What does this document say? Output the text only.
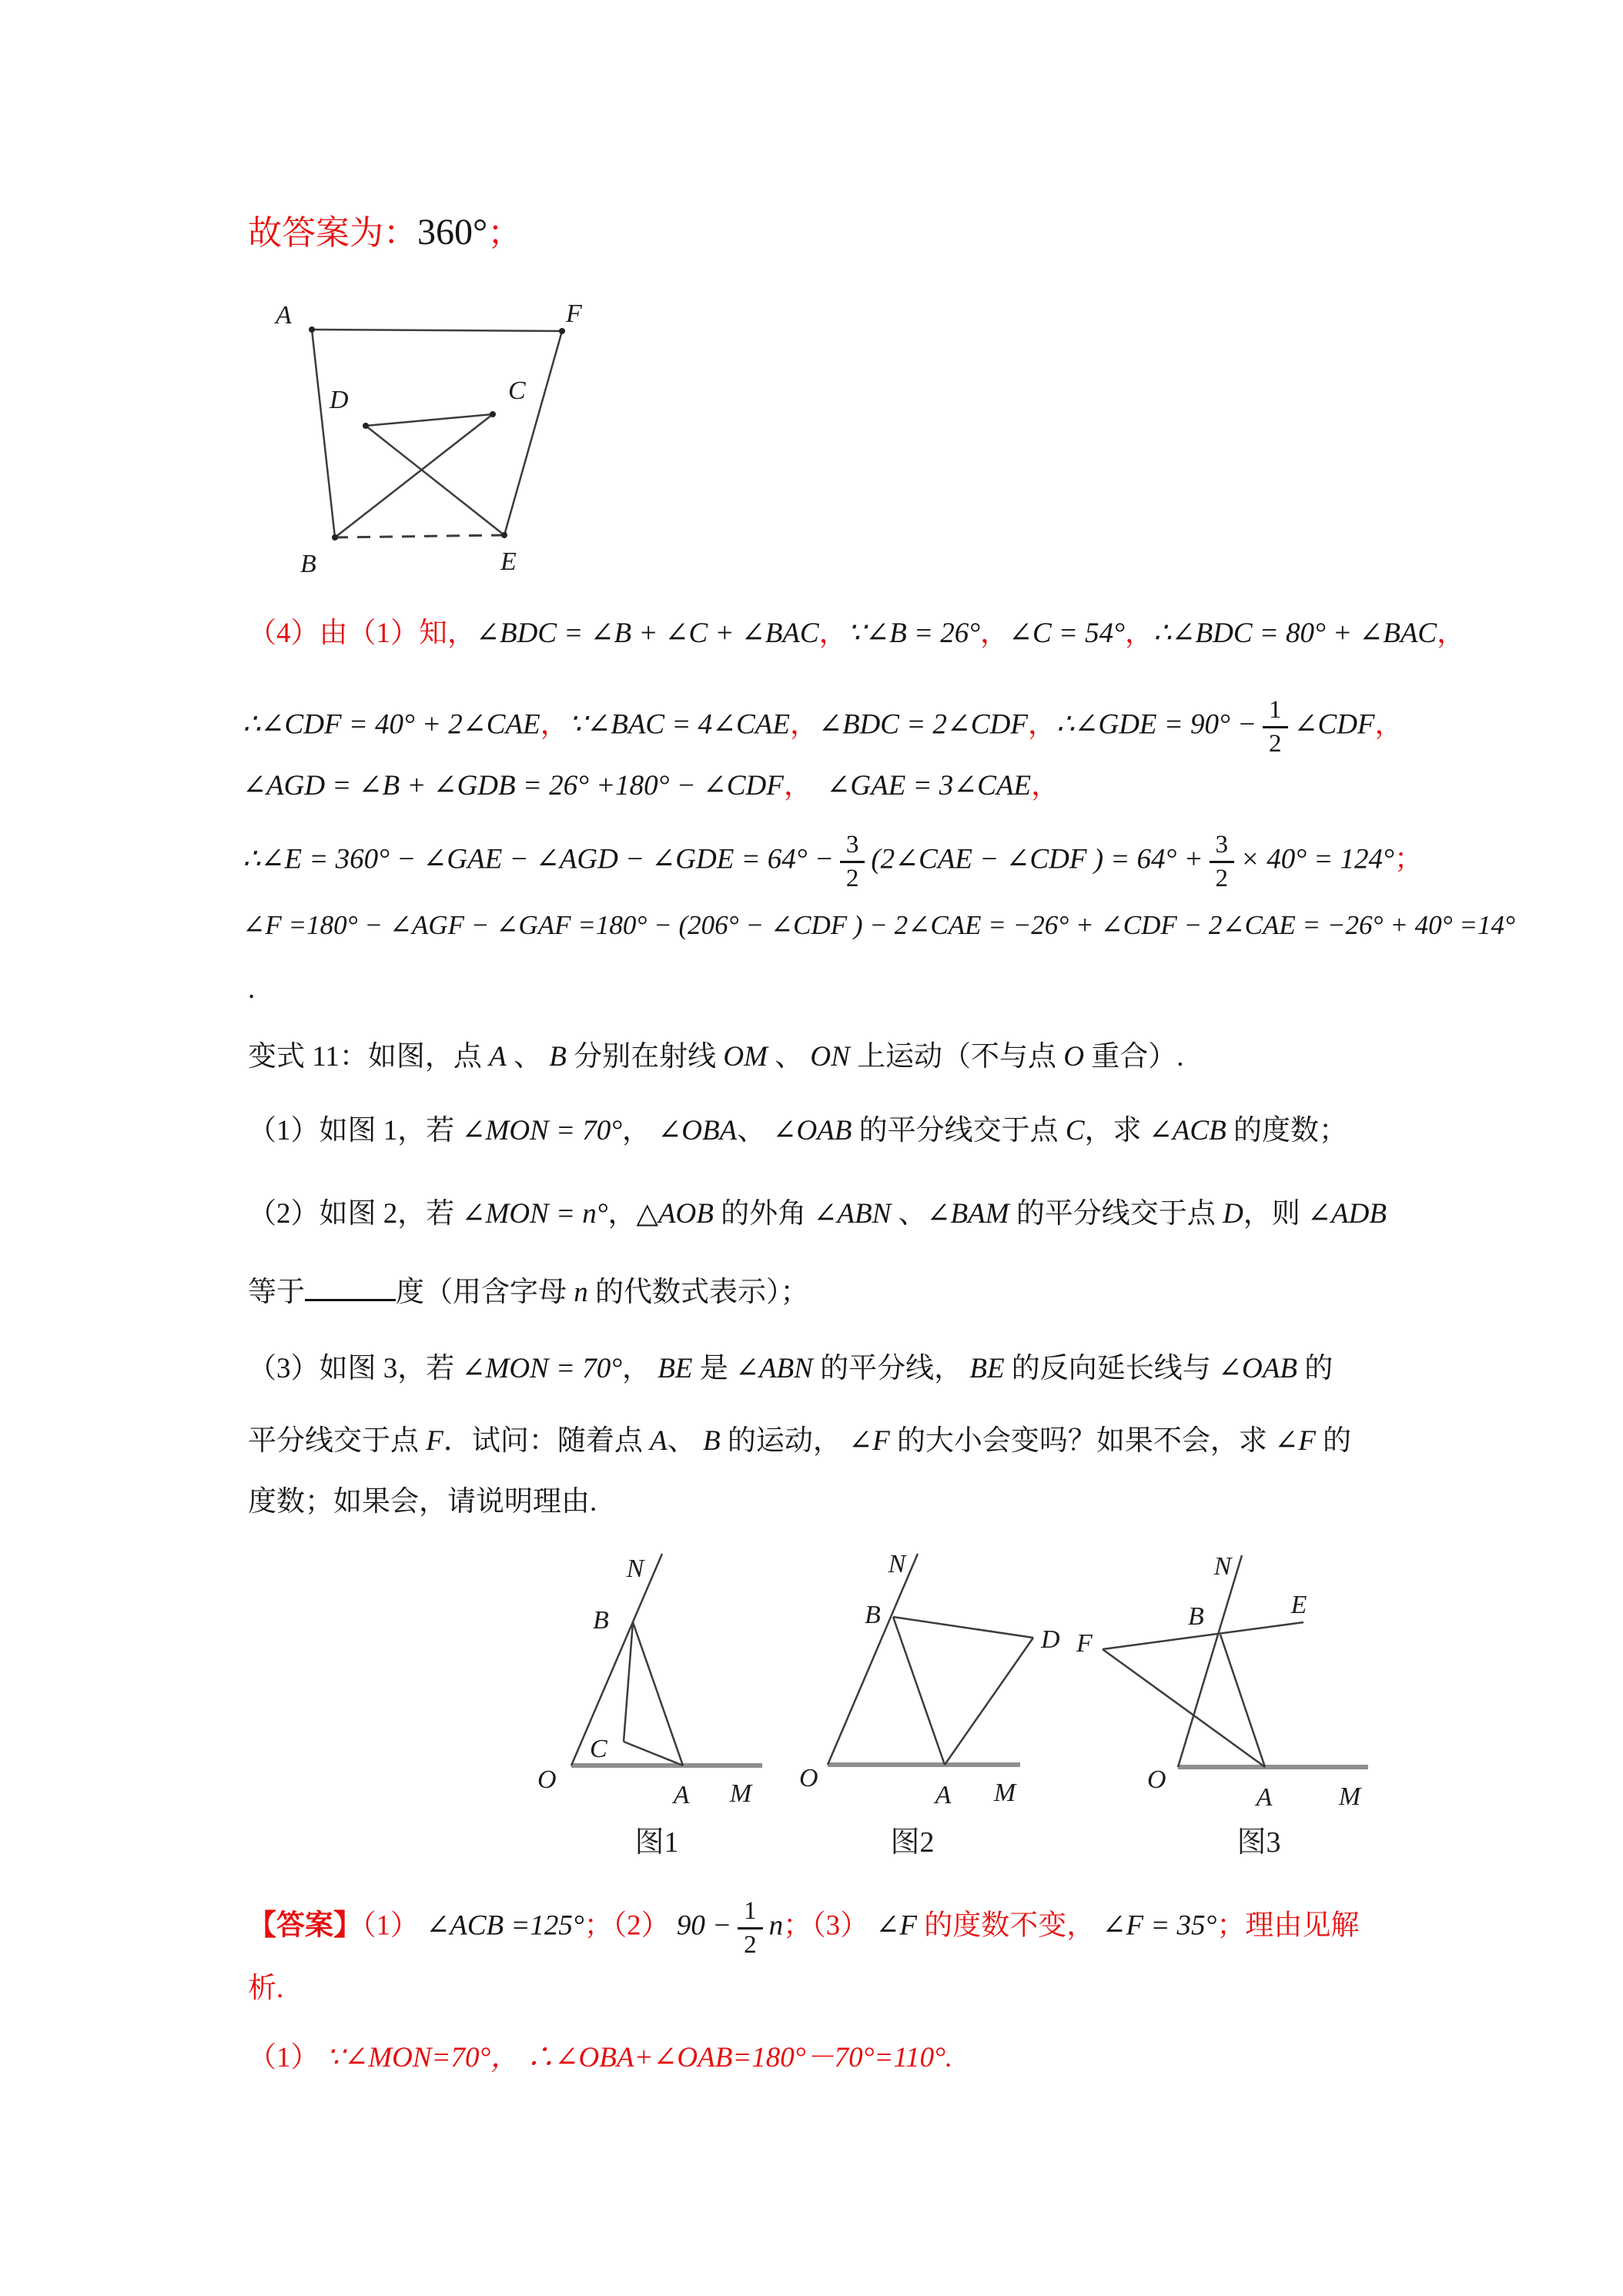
故答案为：360°；
A	F
D	C
B	E
（4）由（1）知，∠BDC = ∠B + ∠C + ∠BAC，∵∠B = 26°，∠C = 54°，∴∠BDC = 80° + ∠BAC，
∴∠CDF = 40° + 2∠CAE，∵∠BAC = 4∠CAE，∠BDC = 2∠CDF，∴∠GDE = $90^\circ - \frac{1}{2}$ ∠CDF，
∠AGD = ∠B + ∠GDB = 26° +180° − ∠CDF，　∠GAE = 3∠CAE，
∴∠E = 360° − ∠GAE − ∠AGD − ∠GDE = $64^\circ - \frac{3}{2}$ (2∠CAE − ∠CDF ) = $64^\circ + \frac{3}{2} \times 40^\circ = 124^\circ$；
∠F =180° − ∠AGF − ∠GAF =180° − (206° − ∠CDF ) − 2∠CAE = −26° + ∠CDF − 2∠CAE = −26° + 40° =14°
.
变式 11：如图，点 A 、 B 分别在射线 OM 、 ON 上运动（不与点 O 重合）.
（1）如图 1，若 ∠MON = 70°， ∠OBA、 ∠OAB 的平分线交于点 C，求 ∠ACB 的度数；
（2）如图 2，若 ∠MON = n°，△AOB 的外角 ∠ABN 、∠BAM 的平分线交于点 D，则 ∠ADB
等于	度（用含字母 n 的代数式表示）；
（3）如图 3，若 ∠MON = 70°， BE 是 ∠ABN 的平分线， BE 的反向延长线与 ∠OAB 的
平分线交于点 F．试问：随着点 A、 B 的运动， ∠F 的大小会变吗？如果不会，求 ∠F 的
度数；如果会，请说明理由.
N
B
C
O
A M
图1
N
B
D
O
A M
图2
N
E
B
F
O
A	M
图3
【答案】（1） ∠ACB =125°；（2） $90 - \frac{1}{2}$ n；（3） ∠F 的度数不变， ∠F = 35°；理由见解
析.
（1） ∵∠MON=70°， ∴∠OBA+∠OAB=180°－70°=110°.
